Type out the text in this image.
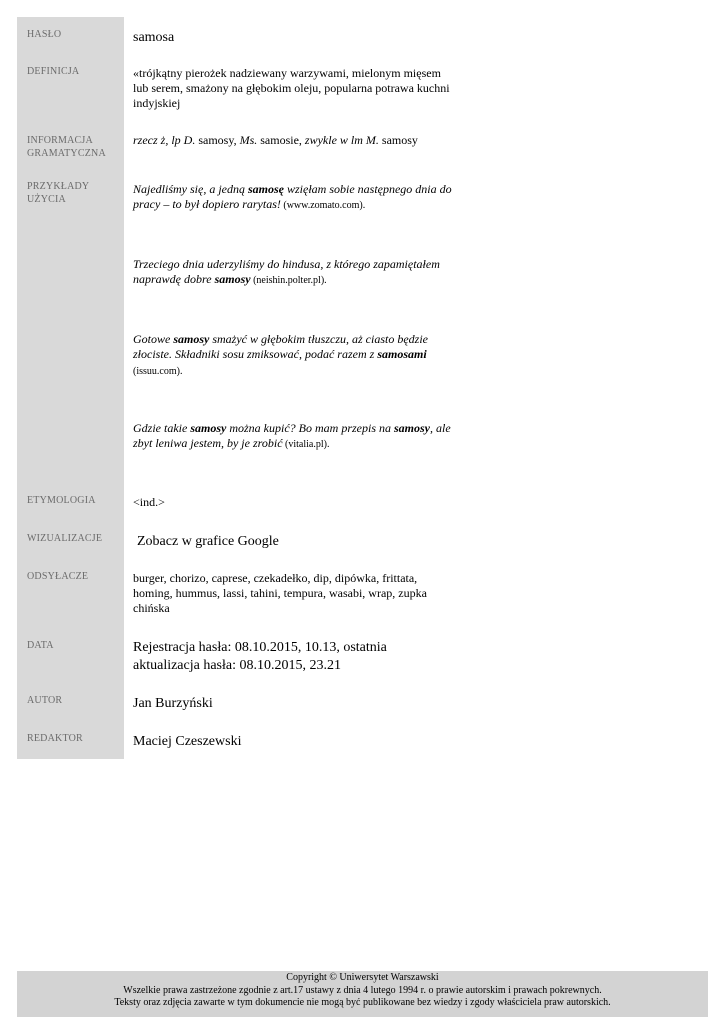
HASŁO
DEFINICJA
INFORMACJA
GRAMATYCZNA
PRZYKŁADY
UŻYCIA
ETYMOLOGIA
WIZUALIZACJE
ODSYŁACZE
DATA
AUTOR
REDAKTOR
samosa
«trójkątny pierożek nadziewany warzywami, mielonym mięsem lub serem, smażony na głębokim oleju, popularna potrawa kuchni indyjskiej
rzecz ż, lp D. samosy, Ms. samosie, zwykle w lm M. samosy
Najedliśmy się, a jedną samosę wzięłam sobie następnego dnia do pracy – to był dopiero rarytas! (www.zomato.com).
Trzeciego dnia uderzyliśmy do hindusa, z którego zapamiętałem naprawdę dobre samosy (neishin.polter.pl).
Gotowe samosy smażyć w głębokim tłuszczu, aż ciasto będzie złociste. Składniki sosu zmiksować, podać razem z samosami (issuu.com).
Gdzie takie samosy można kupić? Bo mam przepis na samosy, ale zbyt leniwa jestem, by je zrobić (vitalia.pl).
<ind.>
Zobacz w grafice Google
burger, chorizo, caprese, czekadełko, dip, dipówka, frittata, homing, hummus, lassi, tahini, tempura, wasabi, wrap, zupka chińska
Rejestracja hasła: 08.10.2015, 10.13, ostatnia
aktualizacja hasła: 08.10.2015, 23.21
Jan Burzyński
Maciej Czeszewski
Copyright © Uniwersytet Warszawski
Wszelkie prawa zastrzeżone zgodnie z art.17 ustawy z dnia 4 lutego 1994 r. o prawie autorskim i prawach pokrewnych.
Teksty oraz zdjęcia zawarte w tym dokumencie nie mogą być publikowane bez wiedzy i zgody właściciela praw autorskich.
